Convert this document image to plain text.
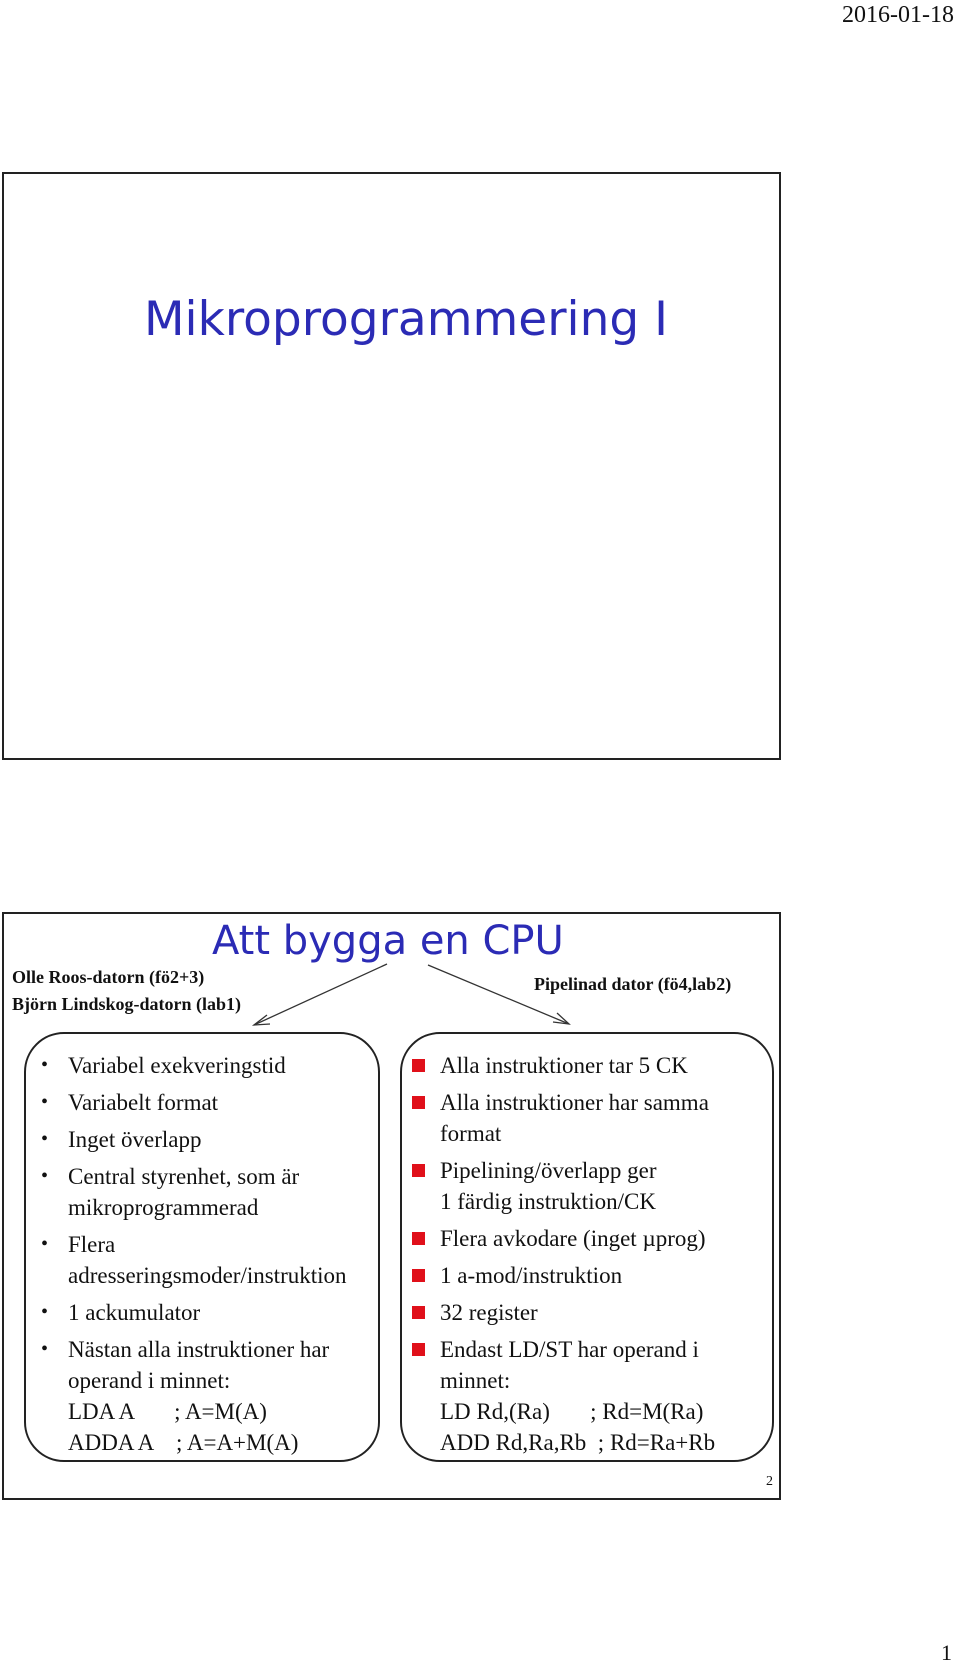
2016-01-18
Mikroprogrammering I
Att bygga en CPU
Olle Roos-datorn (fö2+3)
Björn Lindskog-datorn (lab1)
Pipelinad dator (fö4,lab2)
• Variabel exekveringstid
• Variabelt format
• Inget överlapp
• Central styrenhet, som är
mikroprogrammerad
• Flera
adresseringsmoder/instruktion
• 1 ackumulator
• Nästan alla instruktioner har
operand i minnet:
LDA A       ; A=M(A)
ADDA A    ; A=A+M(A)
Alla instruktioner tar 5 CK
Alla instruktioner har samma
format
Pipelining/överlapp ger
1 färdig instruktion/CK
Flera avkodare (inget µprog)
1 a-mod/instruktion
32 register
Endast LD/ST har operand i
minnet:
LD Rd,(Ra)       ; Rd=M(Ra)
ADD Rd,Ra,Rb  ; Rd=Ra+Rb
2
1
